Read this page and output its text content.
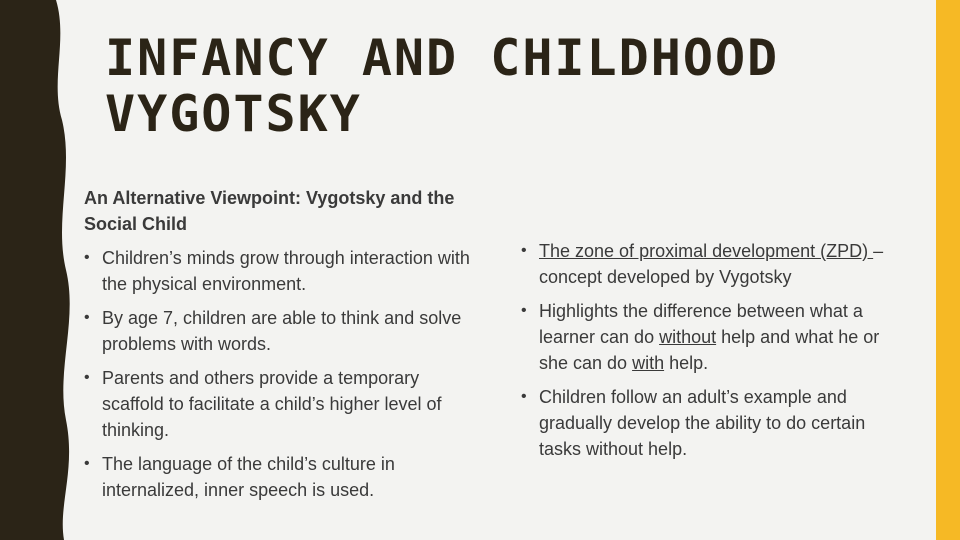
INFANCY AND CHILDHOOD
VYGOTSKY

An Alternative Viewpoint: Vygotsky and the Social Child

• Children’s minds grow through interaction with the physical environment.
• By age 7, children are able to think and solve problems with words.
• Parents and others provide a temporary scaffold to facilitate a child’s higher level of thinking.
• The language of the child’s culture in internalized, inner speech is used.
• The zone of proximal development (ZPD) – concept developed by Vygotsky
• Highlights the difference between what a learner can do without help and what he or she can do with help.
• Children follow an adult’s example and gradually develop the ability to do certain tasks without help.
